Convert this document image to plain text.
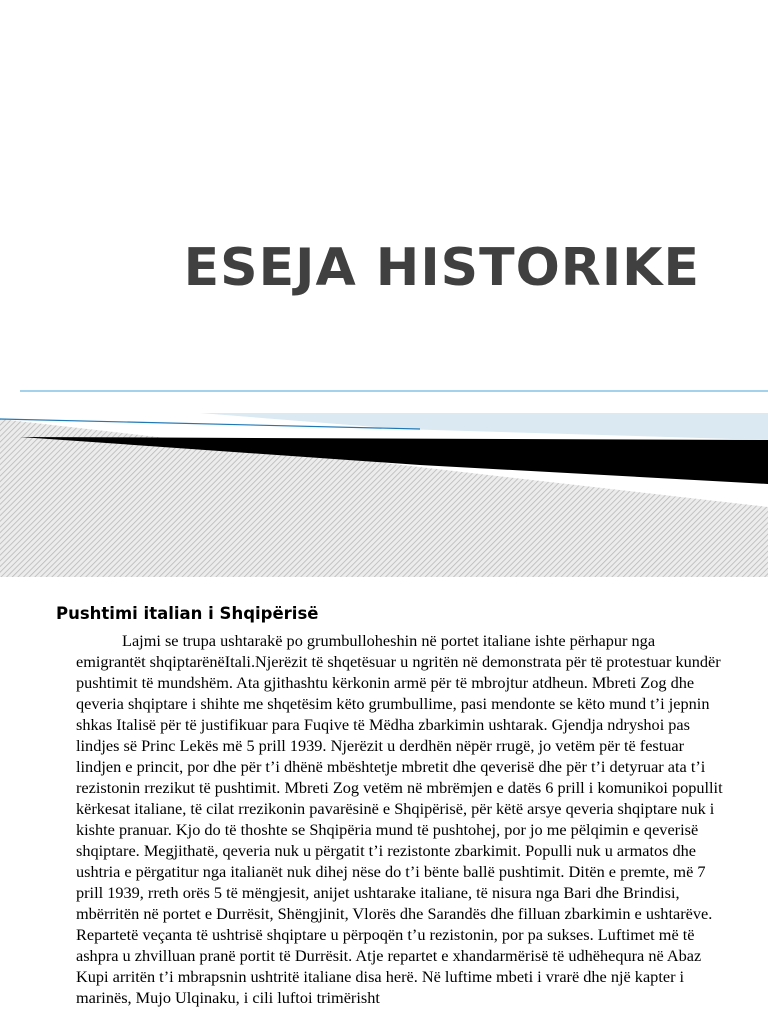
ESEJA HISTORIKE
Pushtimi italian i Shqipërisë

Lajmi se trupa ushtarakë po grumbulloheshin në portet italiane ishte përhapur nga emigrantët shqiptarënëItali.Njerëzit të shqetësuar u ngritën në demonstrata për të protestuar kundër pushtimit të mundshëm. Ata gjithashtu kërkonin armë për të mbrojtur atdheun. Mbreti Zog dhe qeveria shqiptare i shihte me shqetësim këto grumbullime, pasi mendonte se këto mund t’i jepnin shkas Italisë për të justifikuar para Fuqive të Mëdha zbarkimin ushtarak. Gjendja ndryshoi pas lindjes së Princ Lekës më 5 prill 1939. Njerëzit u derdhën nëpër rrugë, jo vetëm për të festuar lindjen e princit, por dhe për t’i dhënë mbështetje mbretit dhe qeverisë dhe për t’i detyruar ata t’i rezistonin rrezikut të pushtimit. Mbreti Zog vetëm në mbrëmjen e datës 6 prill i komunikoi popullit kërkesat italiane, të cilat rrezikonin pavarësinë e Shqipërisë, për këtë arsye qeveria shqiptare nuk i kishte pranuar. Kjo do të thoshte se Shqipëria mund të pushtohej, por jo me pëlqimin e qeverisë shqiptare. Megjithatë, qeveria nuk u përgatit t’i rezistonte zbarkimit. Populli nuk u armatos dhe ushtria e përgatitur nga italianët nuk dihej nëse do t’i bënte ballë pushtimit. Ditën e premte, më 7 prill 1939, rreth orës 5 të mëngjesit, anijet ushtarake italiane, të nisura nga Bari dhe Brindisi, mbërritën në portet e Durrësit, Shëngjinit, Vlorës dhe Sarandës dhe filluan zbarkimin e ushtarëve. Repartetë veçanta të ushtrisë shqiptare u përpoqën t’u rezistonin, por pa sukses. Luftimet më të ashpra u zhvilluan pranë portit të Durrësit. Atje repartet e xhandarmërisë të udhëhequra në Abaz Kupi arritën t’i mbrapsnin ushtritë italiane disa herë. Në luftime mbeti i vrarë dhe një kapter i marinës, Mujo Ulqinaku, i cili luftoi trimërisht
